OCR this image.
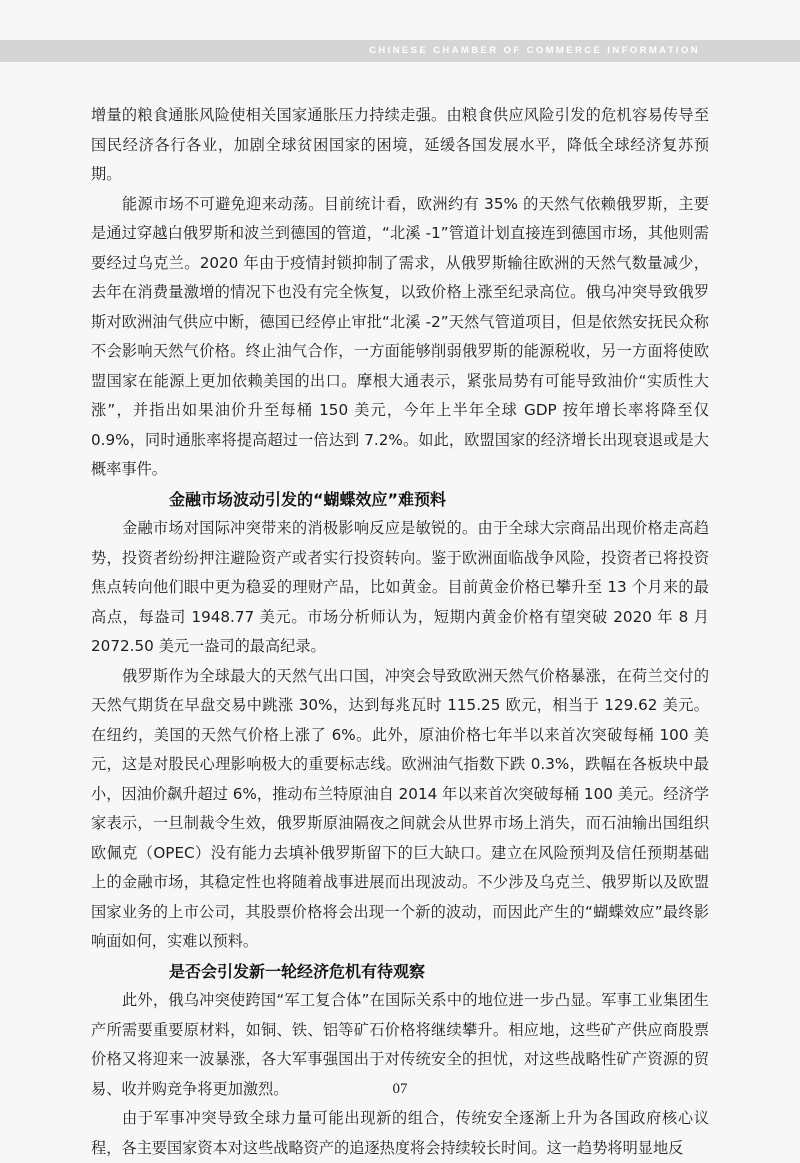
CHINESE CHAMBER OF COMMERCE INFORMATION

增量的粮食通胀风险使相关国家通胀压力持续走强。由粮食供应风险引发的危机容易传导至国民经济各行各业，加剧全球贫困国家的困境，延缓各国发展水平，降低全球经济复苏预期。

能源市场不可避免迎来动荡。目前统计看，欧洲约有 35% 的天然气依赖俄罗斯，主要是通过穿越白俄罗斯和波兰到德国的管道，“北溪 -1”管道计划直接连到德国市场，其他则需要经过乌克兰。2020 年由于疫情封锁抑制了需求，从俄罗斯输往欧洲的天然气数量减少，去年在消费量激增的情况下也没有完全恢复，以致价格上涨至纪录高位。俄乌冲突导致俄罗斯对欧洲油气供应中断，德国已经停止审批“北溪 -2”天然气管道项目，但是依然安抚民众称不会影响天然气价格。终止油气合作，一方面能够削弱俄罗斯的能源税收，另一方面将使欧盟国家在能源上更加依赖美国的出口。摩根大通表示，紧张局势有可能导致油价“实质性大涨”，并指出如果油价升至每桶 150 美元，今年上半年全球 GDP 按年增长率将降至仅 0.9%，同时通胀率将提高超过一倍达到 7.2%。如此，欧盟国家的经济增长出现衰退或是大概率事件。

金融市场波动引发的“蝴蝶效应”难预料

金融市场对国际冲突带来的消极影响反应是敏锐的。由于全球大宗商品出现价格走高趋势，投资者纷纷押注避险资产或者实行投资转向。鉴于欧洲面临战争风险，投资者已将投资焦点转向他们眼中更为稳妥的理财产品，比如黄金。目前黄金价格已攀升至 13 个月来的最高点，每盎司 1948.77 美元。市场分析师认为，短期内黄金价格有望突破 2020 年 8 月 2072.50 美元一盎司的最高纪录。

俄罗斯作为全球最大的天然气出口国，冲突会导致欧洲天然气价格暴涨，在荷兰交付的天然气期货在早盘交易中跳涨 30%，达到每兆瓦时 115.25 欧元，相当于 129.62 美元。在纽约，美国的天然气价格上涨了 6%。此外，原油价格七年半以来首次突破每桶 100 美元，这是对股民心理影响极大的重要标志线。欧洲油气指数下跌 0.3%，跌幅在各板块中最小，因油价飙升超过 6%，推动布兰特原油自 2014 年以来首次突破每桶 100 美元。经济学家表示，一旦制裁令生效，俄罗斯原油隔夜之间就会从世界市场上消失，而石油输出国组织欧佩克（OPEC）没有能力去填补俄罗斯留下的巨大缺口。建立在风险预判及信任预期基础上的金融市场，其稳定性也将随着战事进展而出现波动。不少涉及乌克兰、俄罗斯以及欧盟国家业务的上市公司，其股票价格将会出现一个新的波动，而因此产生的“蝴蝶效应”最终影响面如何，实难以预料。

是否会引发新一轮经济危机有待观察

此外，俄乌冲突使跨国“军工复合体”在国际关系中的地位进一步凸显。军事工业集团生产所需要重要原材料，如铜、铁、铝等矿石价格将继续攀升。相应地，这些矿产供应商股票价格又将迎来一波暴涨，各大军事强国出于对传统安全的担忧，对这些战略性矿产资源的贸易、收并购竞争将更加激烈。

由于军事冲突导致全球力量可能出现新的组合，传统安全逐渐上升为各国政府核心议程，各主要国家资本对这些战略资产的追逐热度将会持续较长时间。这一趋势将明显地反

07
